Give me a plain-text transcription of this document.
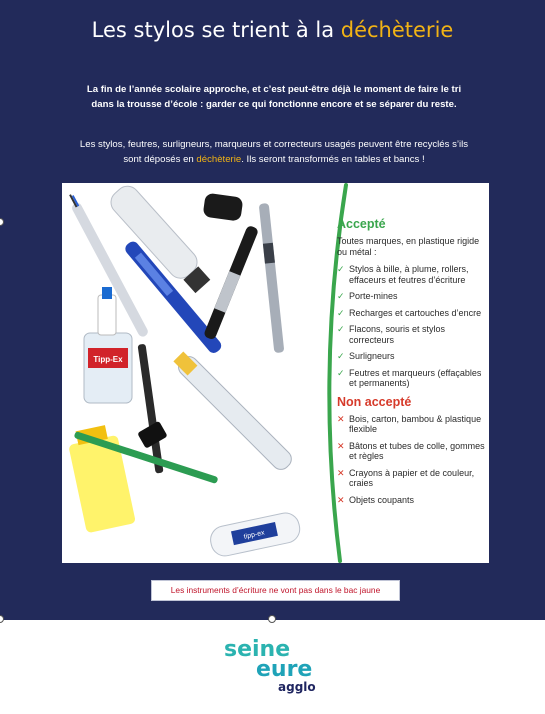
Les stylos se trient à la déchèterie

La fin de l’année scolaire approche, et c’est peut-être déjà le moment de faire le tri dans la trousse d’école : garder ce qui fonctionne encore et se séparer du reste.

Les stylos, feutres, surligneurs, marqueurs et correcteurs usagés peuvent être recyclés s’ils sont déposés en déchèterie. Ils seront transformés en tables et bancs !

Tipp-Ex
tipp-ex
Accepté
Toutes marques, en plastique rigide ou métal :
✓ Stylos à bille, à plume, rollers, effaceurs et feutres d’écriture
✓ Porte-mines
✓ Recharges et cartouches d’encre
✓ Flacons, souris et stylos correcteurs
✓ Surligneurs
✓ Feutres et marqueurs (effaçables et permanents)
Non accepté
✕ Bois, carton, bambou & plastique flexible
✕ Bâtons et tubes de colle, gommes et règles
✕ Crayons à papier et de couleur, craies
✕ Objets coupants
Les instruments d’écriture ne vont pas dans le bac jaune
seine
eure
agglo
